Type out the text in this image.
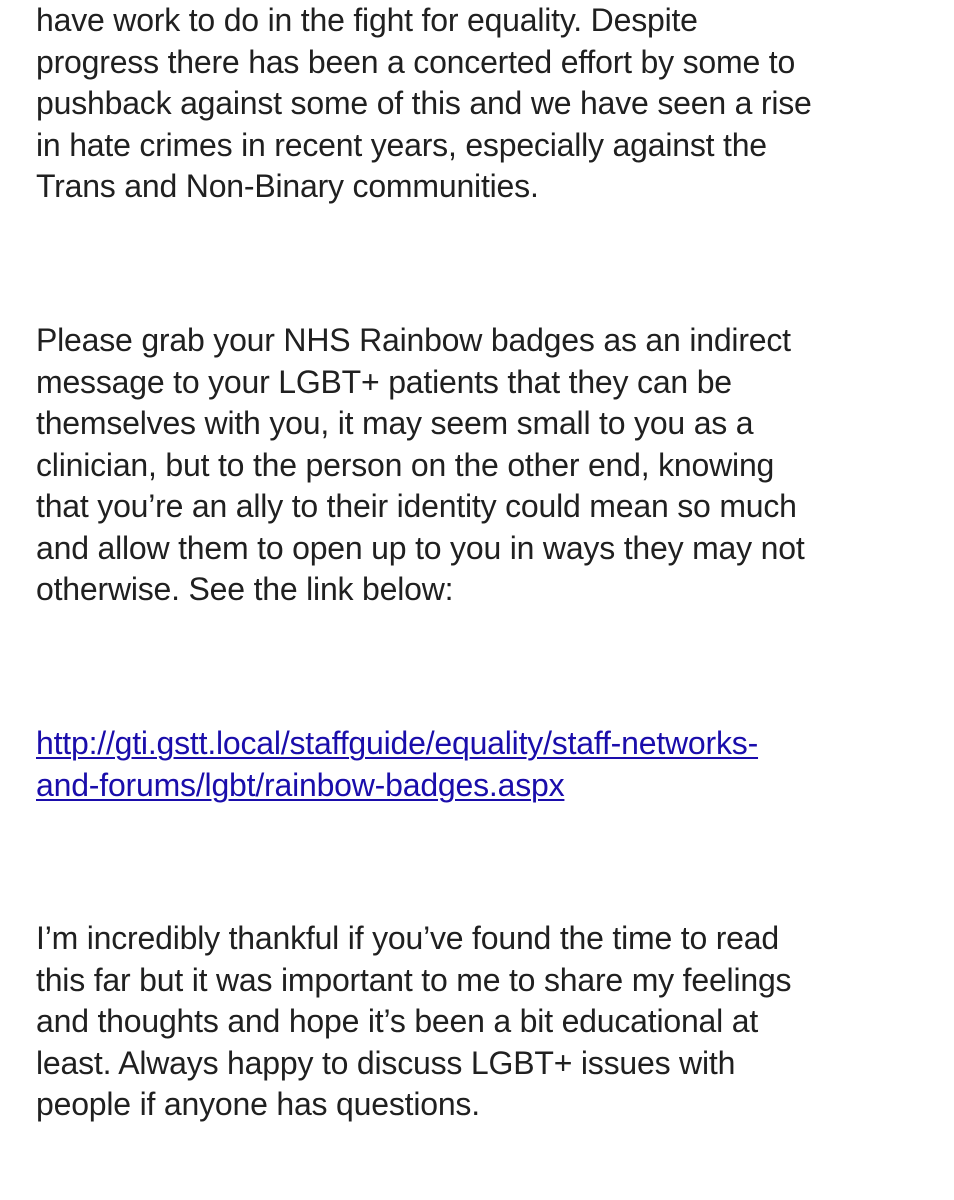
have work to do in the fight for equality. Despite
progress there has been a concerted effort by some to
pushback against some of this and we have seen a rise
in hate crimes in recent years, especially against the
Trans and Non-Binary communities.

Please grab your NHS Rainbow badges as an indirect
message to your LGBT+ patients that they can be
themselves with you, it may seem small to you as a
clinician, but to the person on the other end, knowing
that you’re an ally to their identity could mean so much
and allow them to open up to you in ways they may not
otherwise. See the link below:

http://gti.gstt.local/staffguide/equality/staff-networks-
and-forums/lgbt/rainbow-badges.aspx

I’m incredibly thankful if you’ve found the time to read
this far but it was important to me to share my feelings
and thoughts and hope it’s been a bit educational at
least. Always happy to discuss LGBT+ issues with
people if anyone has questions.
